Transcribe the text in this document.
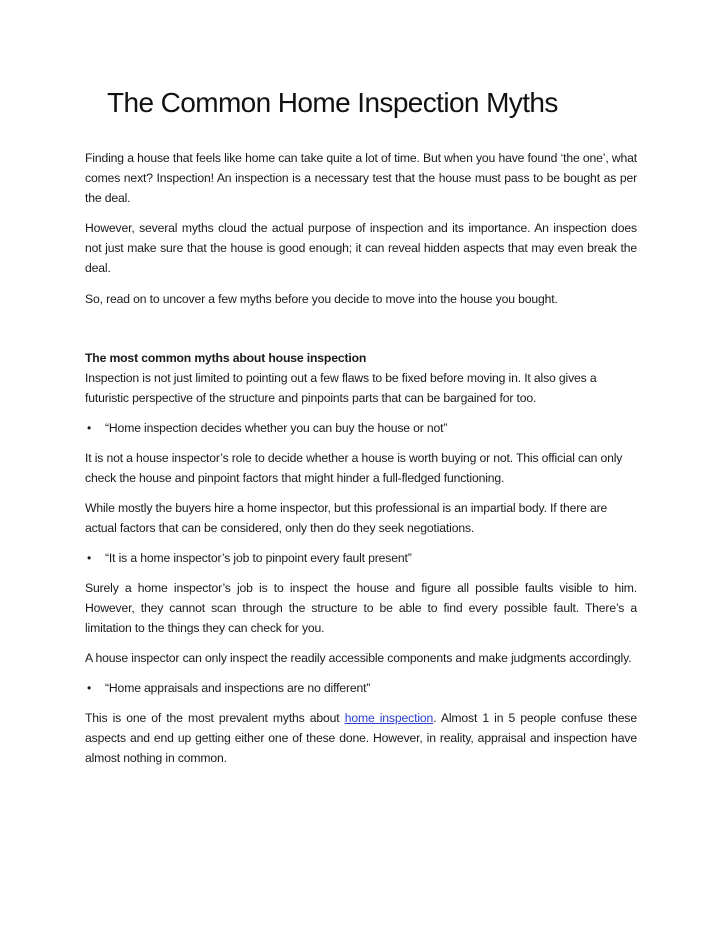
The Common Home Inspection Myths

Finding a house that feels like home can take quite a lot of time. But when you have found ‘the one’, what comes next? Inspection! An inspection is a necessary test that the house must pass to be bought as per the deal.

However, several myths cloud the actual purpose of inspection and its importance. An inspection does not just make sure that the house is good enough; it can reveal hidden aspects that may even break the deal.

So, read on to uncover a few myths before you decide to move into the house you bought.

The most common myths about house inspection

Inspection is not just limited to pointing out a few flaws to be fixed before moving in. It also gives a futuristic perspective of the structure and pinpoints parts that can be bargained for too.

• “Home inspection decides whether you can buy the house or not”

It is not a house inspector’s role to decide whether a house is worth buying or not. This official can only check the house and pinpoint factors that might hinder a full-fledged functioning.

While mostly the buyers hire a home inspector, but this professional is an impartial body. If there are actual factors that can be considered, only then do they seek negotiations.

• “It is a home inspector’s job to pinpoint every fault present”

Surely a home inspector’s job is to inspect the house and figure all possible faults visible to him. However, they cannot scan through the structure to be able to find every possible fault. There’s a limitation to the things they can check for you.

A house inspector can only inspect the readily accessible components and make judgments accordingly.

• “Home appraisals and inspections are no different”

This is one of the most prevalent myths about home inspection. Almost 1 in 5 people confuse these aspects and end up getting either one of these done. However, in reality, appraisal and inspection have almost nothing in common.
